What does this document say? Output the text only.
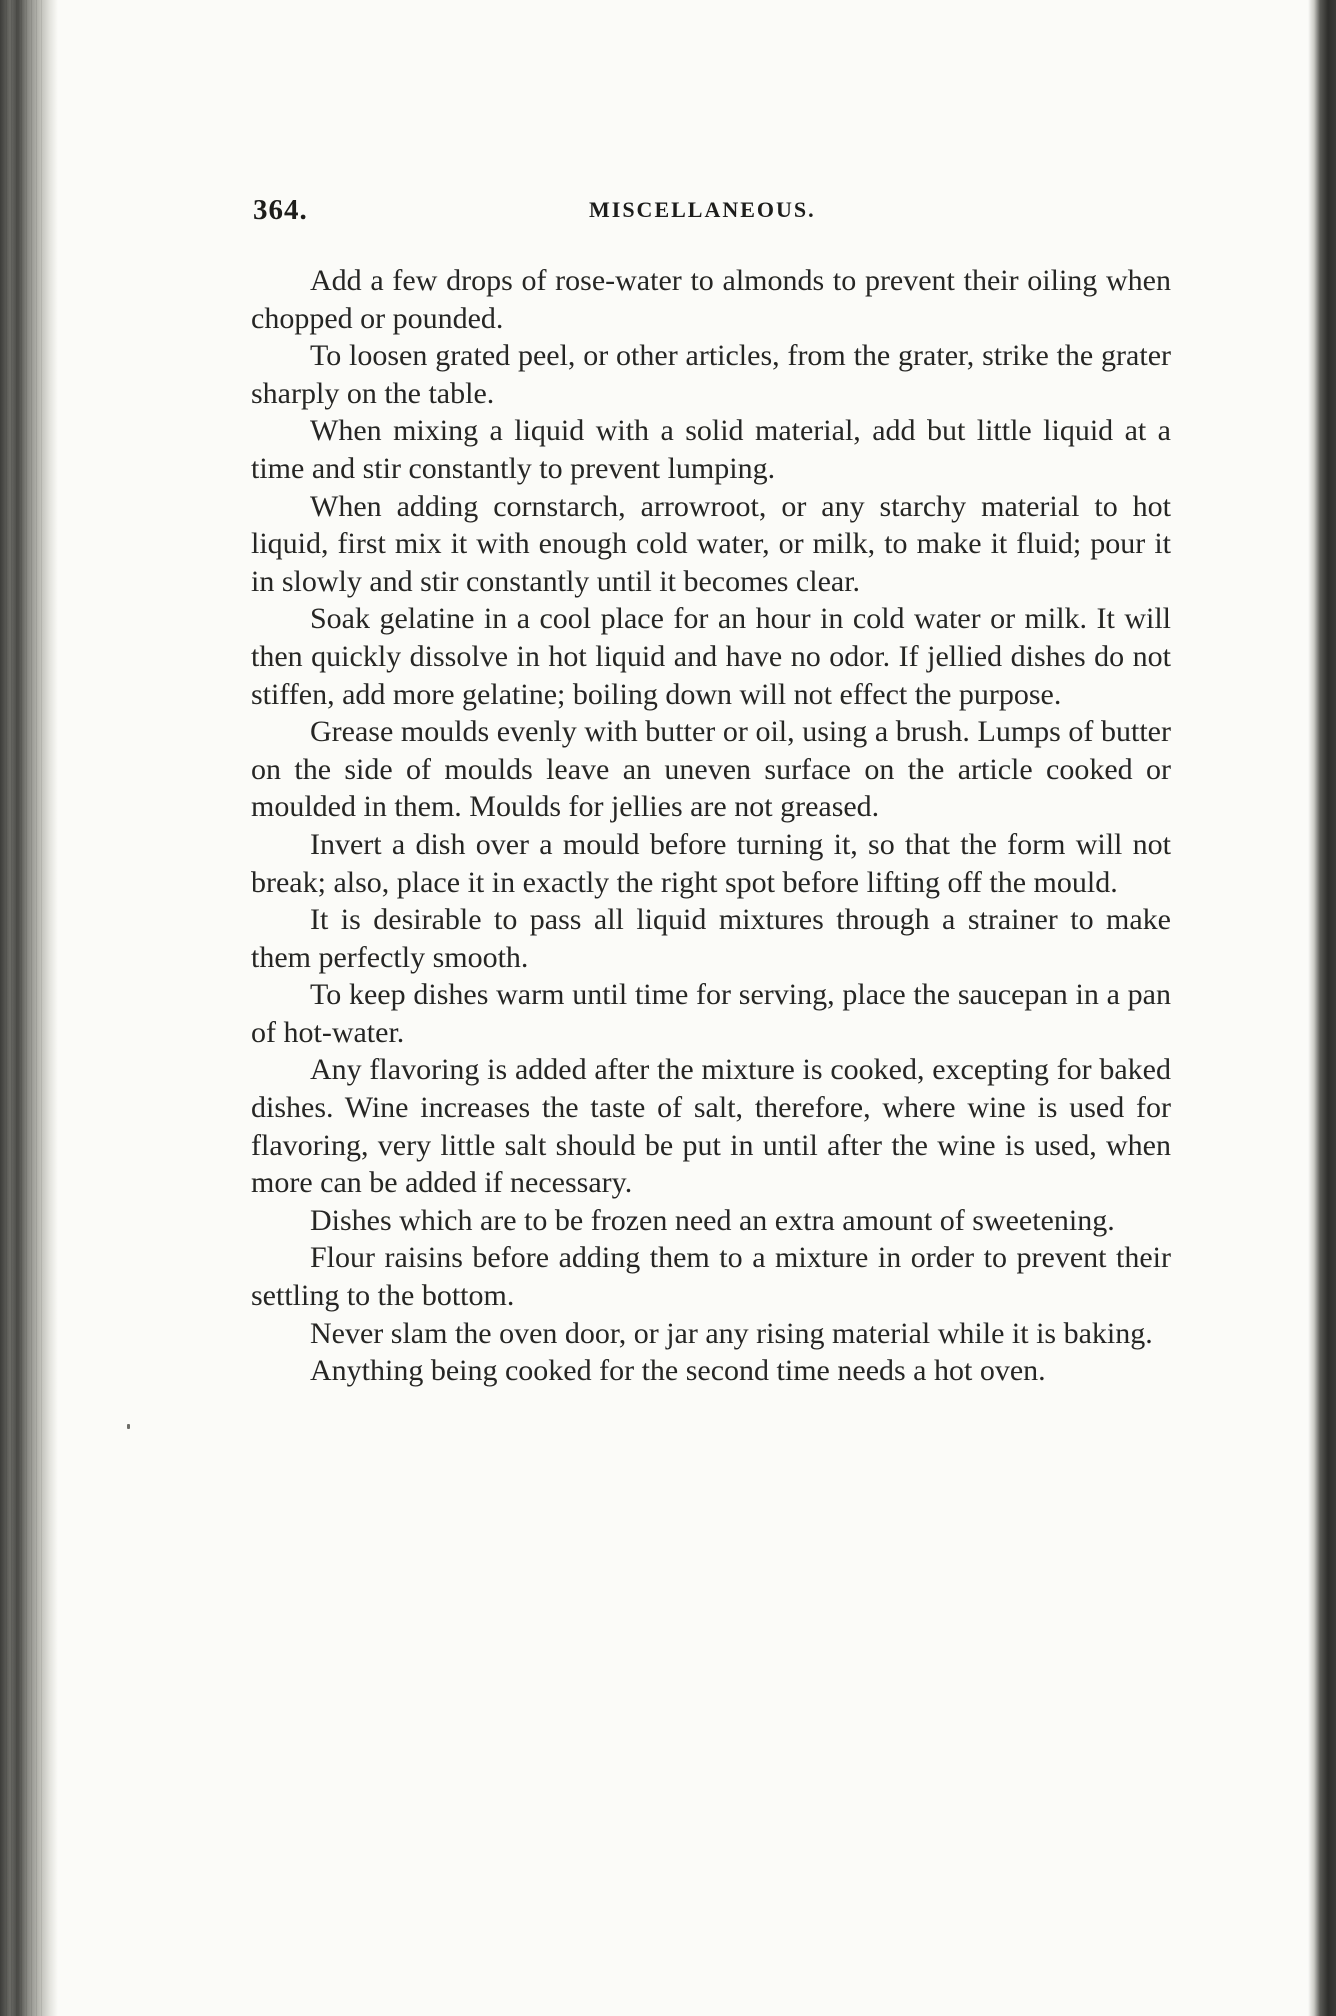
364.	MISCELLANEOUS.

Add a few drops of rose-water to almonds to prevent their oiling when chopped or pounded.

To loosen grated peel, or other articles, from the grater, strike the grater sharply on the table.

When mixing a liquid with a solid material, add but little liquid at a time and stir constantly to prevent lumping.

When adding cornstarch, arrowroot, or any starchy material to hot liquid, first mix it with enough cold water, or milk, to make it fluid; pour it in slowly and stir constantly until it becomes clear.

Soak gelatine in a cool place for an hour in cold water or milk. It will then quickly dissolve in hot liquid and have no odor. If jellied dishes do not stiffen, add more gelatine; boiling down will not effect the purpose.

Grease moulds evenly with butter or oil, using a brush. Lumps of butter on the side of moulds leave an uneven surface on the article cooked or moulded in them. Moulds for jellies are not greased.

Invert a dish over a mould before turning it, so that the form will not break; also, place it in exactly the right spot before lifting off the mould.

It is desirable to pass all liquid mixtures through a strainer to make them perfectly smooth.

To keep dishes warm until time for serving, place the saucepan in a pan of hot-water.

Any flavoring is added after the mixture is cooked, excepting for baked dishes. Wine increases the taste of salt, therefore, where wine is used for flavoring, very little salt should be put in until after the wine is used, when more can be added if necessary.

Dishes which are to be frozen need an extra amount of sweetening.

Flour raisins before adding them to a mixture in order to prevent their settling to the bottom.

Never slam the oven door, or jar any rising material while it is baking.

Anything being cooked for the second time needs a hot oven.
